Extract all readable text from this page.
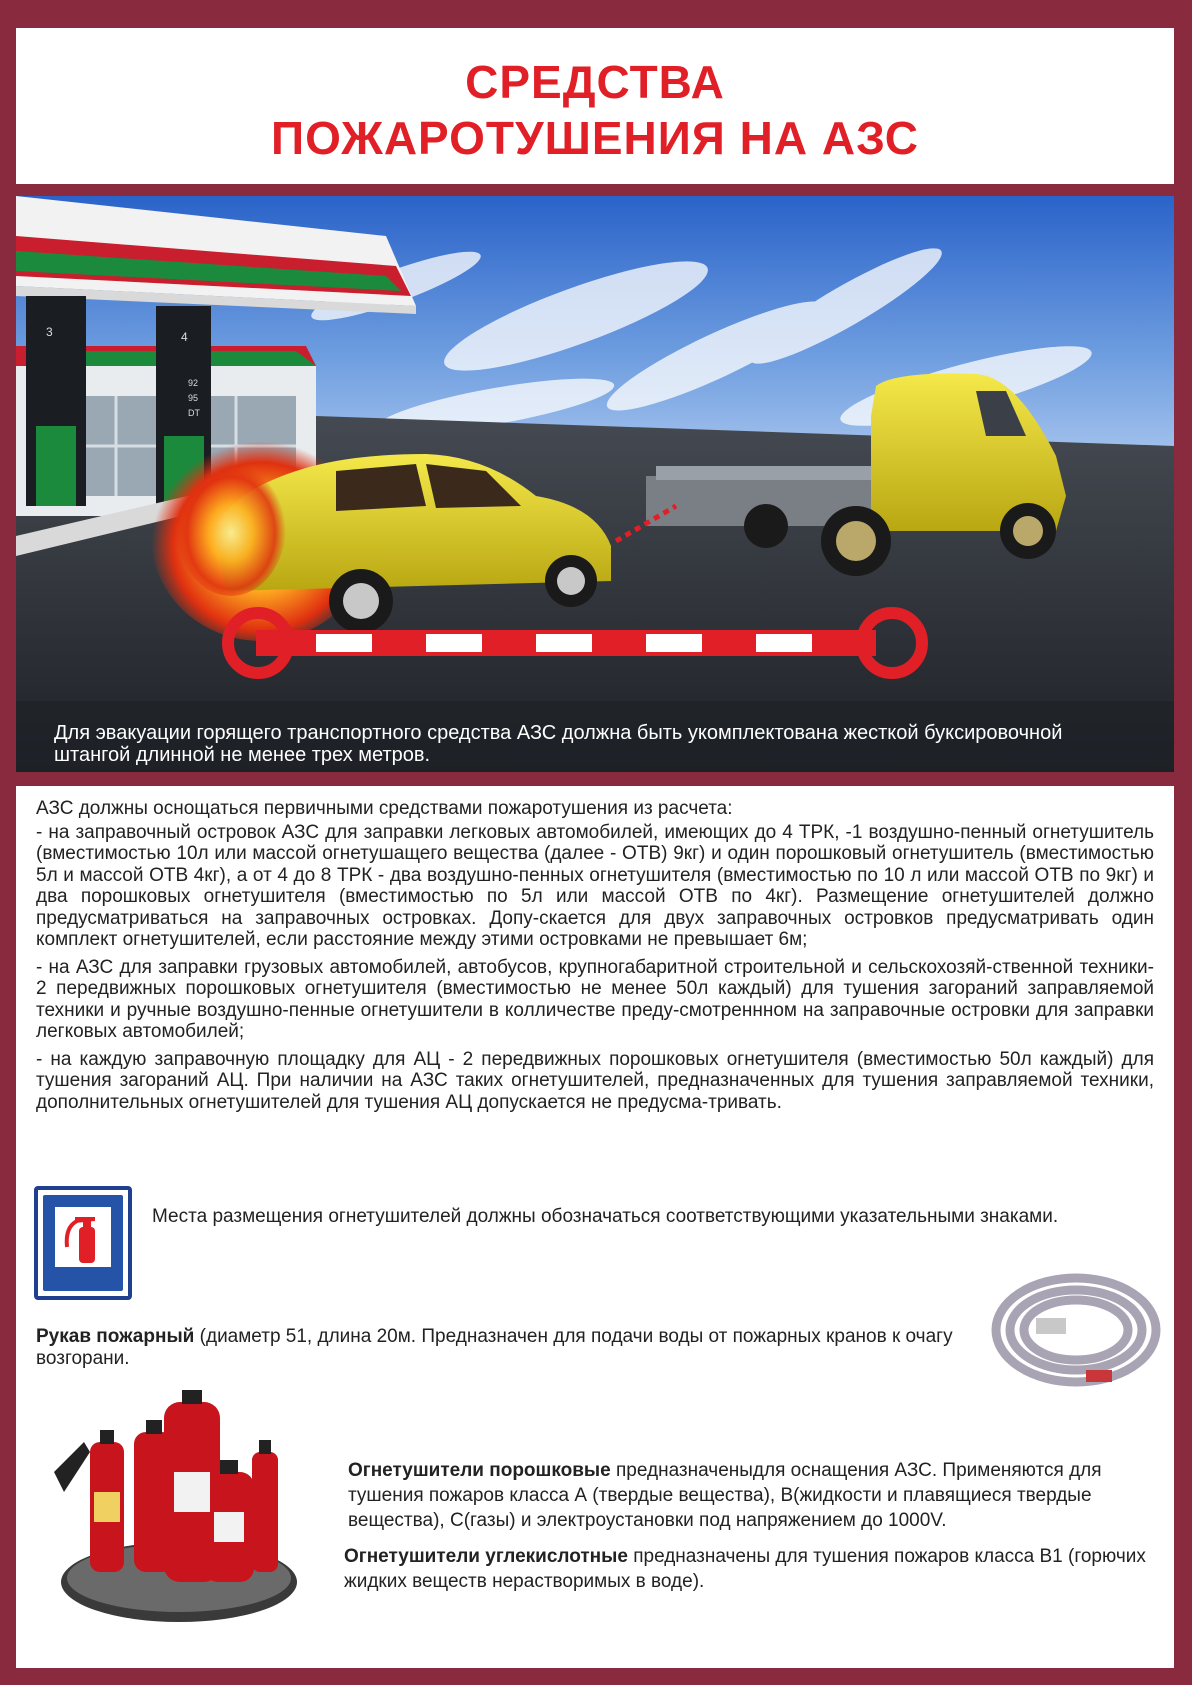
СРЕДСТВА
ПОЖАРОТУШЕНИЯ НА АЗС
3	4
92
95
DT

Для эвакуации горящего транспортного средства АЗС должна быть укомплектована жесткой буксировочной штангой длинной не менее трех метров.

АЗС должны оснощаться первичными средствами пожаротушения из расчета:

- на заправочный островок АЗС для заправки легковых автомобилей, имеющих до 4 ТРК, -1 воздушно-пенный огнетушитель (вместимостью 10л или массой огнетушащего вещества (далее - ОТВ) 9кг) и один порошковый огнетушитель (вместимостью 5л и массой ОТВ 4кг), а от 4 до 8 ТРК - два воздушно-пенных огнетушителя (вместимостью по 10 л или массой ОТВ по 9кг) и два порошковых огнетушителя (вместимостью по 5л или массой ОТВ по 4кг). Размещение огнетушителей должно предусматриваться на заправочных островках. Допу-скается для двух заправочных островков предусматривать один комплект огнетушителей, если расстояние между этими островками не превышает 6м;

- на АЗС для заправки грузовых автомобилей, автобусов, крупногабаритной строительной и сельскохозяй-ственной техники- 2 передвижных порошковых огнетушителя (вместимостью не менее 50л каждый) для тушения загораний заправляемой техники и ручные воздушно-пенные огнетушители в колличестве преду-смотреннном на заправочные островки для заправки легковых автомобилей;

- на каждую заправочную площадку для АЦ - 2 передвижных порошковых огнетушителя (вместимостью 50л каждый) для тушения загораний АЦ. При наличии на АЗС таких огнетушителей, предназначенных для тушения заправляемой техники, дополнительных огнетушителей для тушения АЦ допускается не предусма-тривать.

Места размещения огнетушителей должны обозначаться соответствующими указательными знаками.

Рукав пожарный (диаметр 51, длина 20м. Предназначен для подачи воды от пожарных кранов к очагу возгорани.

Огнетушители порошковые предназначеныдля оснащения АЗС. Применяются для тушения пожаров класса А (твердые вещества), В(жидкости и плавящиеся твердые вещества), С(газы) и электроустановки под напряжением до 1000V.

Огнетушители углекислотные предназначены для тушения пожаров класса В1 (горючих жидких веществ нерастворимых в воде).
